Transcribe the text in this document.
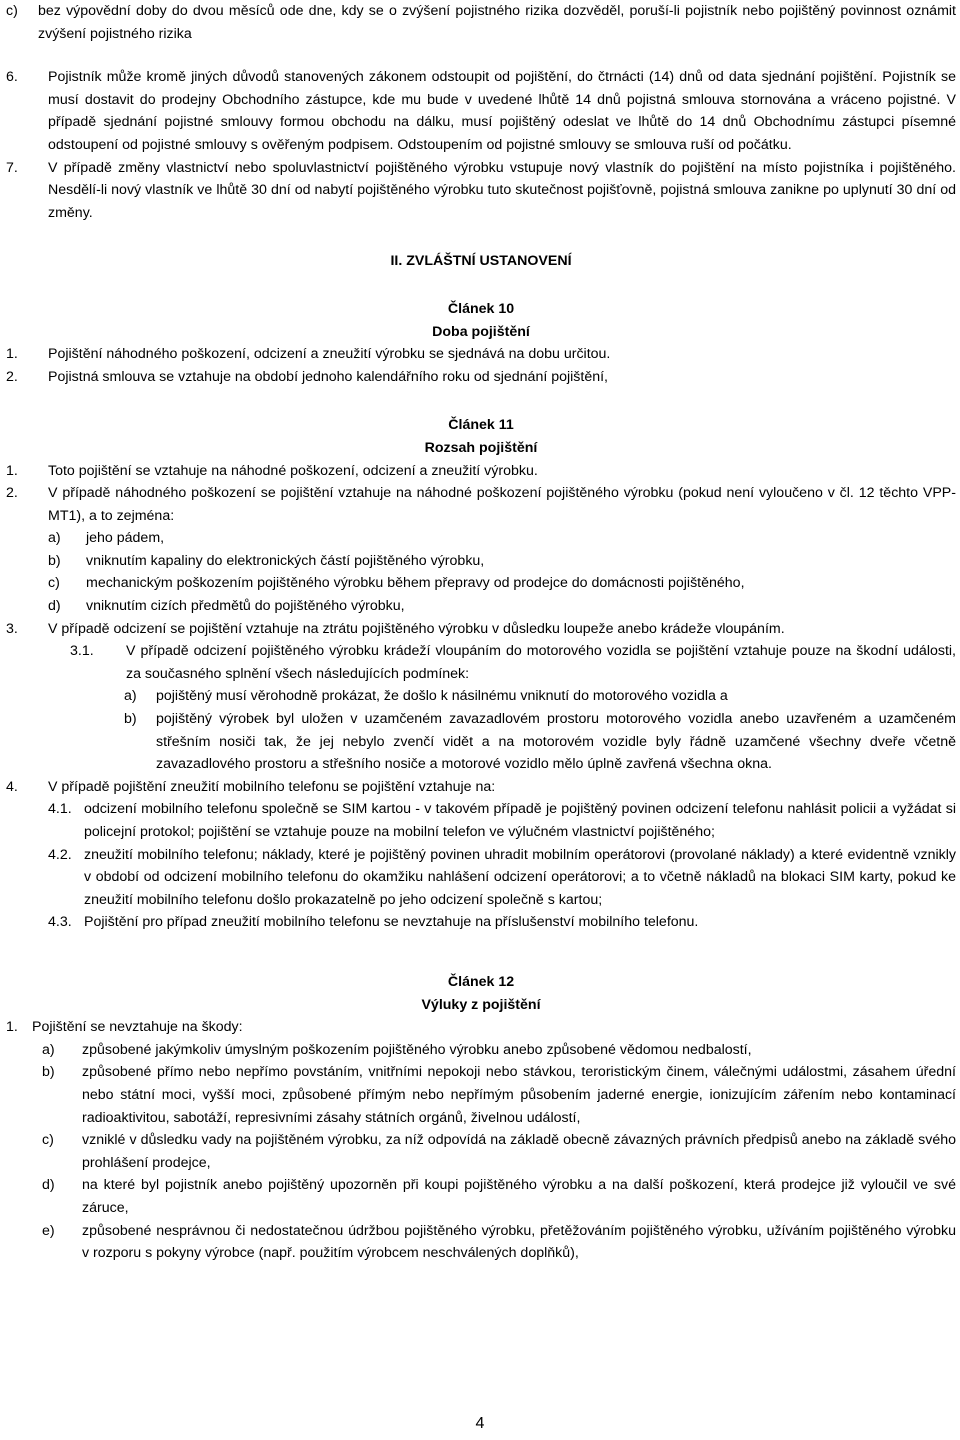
c)	bez výpovědní doby do dvou měsíců ode dne, kdy se o zvýšení pojistného rizika dozvěděl, poruší-li pojistník nebo pojištěný povinnost oznámit zvýšení pojistného rizika
6.	Pojistník může kromě jiných důvodů stanovených zákonem odstoupit od pojištění, do čtrnácti (14) dnů od data sjednání pojištění. Pojistník se musí dostavit do prodejny Obchodního zástupce, kde mu bude v uvedené lhůtě 14 dnů pojistná smlouva stornována a vráceno pojistné. V případě sjednání pojistné smlouvy formou obchodu na dálku, musí pojištěný odeslat ve lhůtě do 14 dnů Obchodnímu zástupci písemné odstoupení od pojistné smlouvy s ověřeným podpisem. Odstoupením od pojistné smlouvy se smlouva ruší od počátku.
7.	V případě změny vlastnictví nebo spoluvlastnictví pojištěného výrobku vstupuje nový vlastník do pojištění na místo pojistníka i pojištěného. Nesdělí-li nový vlastník ve lhůtě 30 dní od nabytí pojištěného výrobku tuto skutečnost pojišťovně, pojistná smlouva zanikne po uplynutí 30 dní od změny.
II. ZVLÁŠTNÍ USTANOVENÍ
Článek 10
Doba pojištění
1.	Pojištění náhodného poškození, odcizení a zneužití výrobku se sjednává na dobu určitou.
2.	Pojistná smlouva se vztahuje na období jednoho kalendářního roku od sjednání pojištění,
Článek 11
Rozsah pojištění
1.	Toto pojištění se vztahuje na náhodné poškození, odcizení a zneužití výrobku.
2.	V případě náhodného poškození se pojištění vztahuje na náhodné poškození pojištěného výrobku (pokud není vyloučeno v čl. 12 těchto VPP-MT1), a to zejména:
a)	jeho pádem,
b)	vniknutím kapaliny do elektronických částí pojištěného výrobku,
c)	mechanickým poškozením pojištěného výrobku během přepravy od prodejce do domácnosti pojištěného,
d)	vniknutím cizích předmětů do pojištěného výrobku,
3.	V případě odcizení se pojištění vztahuje na ztrátu pojištěného výrobku v důsledku loupeže anebo krádeže vloupáním.
3.1.	V případě odcizení pojištěného výrobku krádeží vloupáním do motorového vozidla se pojištění vztahuje pouze na škodní události, za současného splnění všech následujících podmínek:
a)	pojištěný musí věrohodně prokázat, že došlo k násilnému vniknutí do motorového vozidla a
b)	pojištěný výrobek byl uložen v uzamčeném zavazadlovém prostoru motorového vozidla anebo uzavřeném a uzamčeném střešním nosiči tak, že jej nebylo zvenčí vidět a na motorovém vozidle byly řádně uzamčené všechny dveře včetně zavazadlového prostoru a střešního nosiče a motorové vozidlo mělo úplně zavřená všechna okna.
4.	V případě pojištění zneužití mobilního telefonu se pojištění vztahuje na:
4.1. odcizení mobilního telefonu společně se SIM kartou - v takovém případě je pojištěný povinen odcizení telefonu nahlásit policii a vyžádat si policejní protokol; pojištění se vztahuje pouze na mobilní telefon ve výlučném vlastnictví pojištěného;
4.2. zneužití mobilního telefonu; náklady, které je pojištěný povinen uhradit mobilním operátorovi (provolané náklady) a které evidentně vznikly v období od odcizení mobilního telefonu do okamžiku nahlášení odcizení operátorovi; a to včetně nákladů na blokaci SIM karty, pokud ke zneužití mobilního telefonu došlo prokazatelně po jeho odcizení společně s kartou;
4.3. Pojištění pro případ zneužití mobilního telefonu se nevztahuje na příslušenství mobilního telefonu.
Článek 12
Výluky z pojištění
1. Pojištění se nevztahuje na škody:
a)	způsobené jakýmkoliv úmyslným poškozením pojištěného výrobku anebo způsobené vědomou nedbalostí,
b)	způsobené přímo nebo nepřímo povstáním, vnitřními nepokoji nebo stávkou, teroristickým činem, válečnými událostmi, zásahem úřední nebo státní moci, vyšší moci, způsobené přímým nebo nepřímým působením jaderné energie, ionizujícím zářením nebo kontaminací radioaktivitou, sabotáží, represivními zásahy státních orgánů, živelnou událostí,
c)	vzniklé v důsledku vady na pojištěném výrobku, za níž odpovídá na základě obecně závazných právních předpisů anebo na základě svého prohlášení prodejce,
d)	na které byl pojistník anebo pojištěný upozorněn při koupi pojištěného výrobku a na další poškození, která prodejce již vyloučil ve své záruce,
e)	způsobené nesprávnou či nedostatečnou údržbou pojištěného výrobku, přetěžováním pojištěného výrobku, užíváním pojištěného výrobku v rozporu s pokyny výrobce (např. použitím výrobcem neschválených doplňků),
4
